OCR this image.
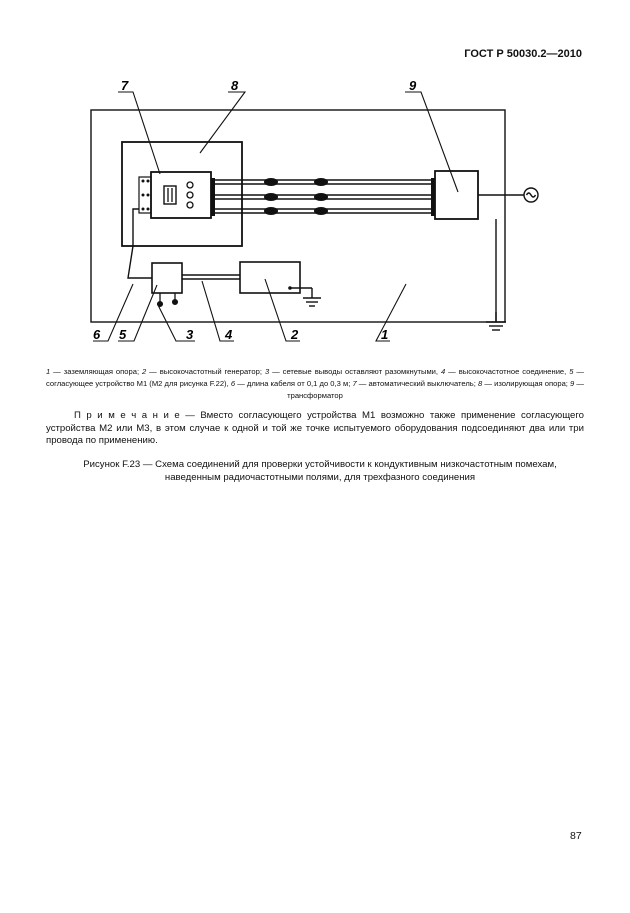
ГОСТ Р 50030.2—2010
7	8	9
6 5	3 4	2	1
1 — заземляющая опора; 2 — высокочастотный генератор; 3 — сетевые выводы оставляют разомкнутыми, 4 — высокочастотное соединение, 5 — согласующее устройство М1 (М2 для рисунка F.22), 6 — длина кабеля от 0,1 до 0,3 м; 7 — автоматический выключатель; 8 — изолирующая опора; 9 — трансформатор
П р и м е ч а н и е — Вместо согласующего устройства М1 возможно также применение согласующего устройства М2 или М3, в этом случае к одной и той же точке испытуемого оборудования подсоединяют два или три провода по применению.
Рисунок F.23 — Схема соединений для проверки устойчивости к кондуктивным низкочастотным помехам,
наведенным радиочастотными полями, для трехфазного соединения
87
